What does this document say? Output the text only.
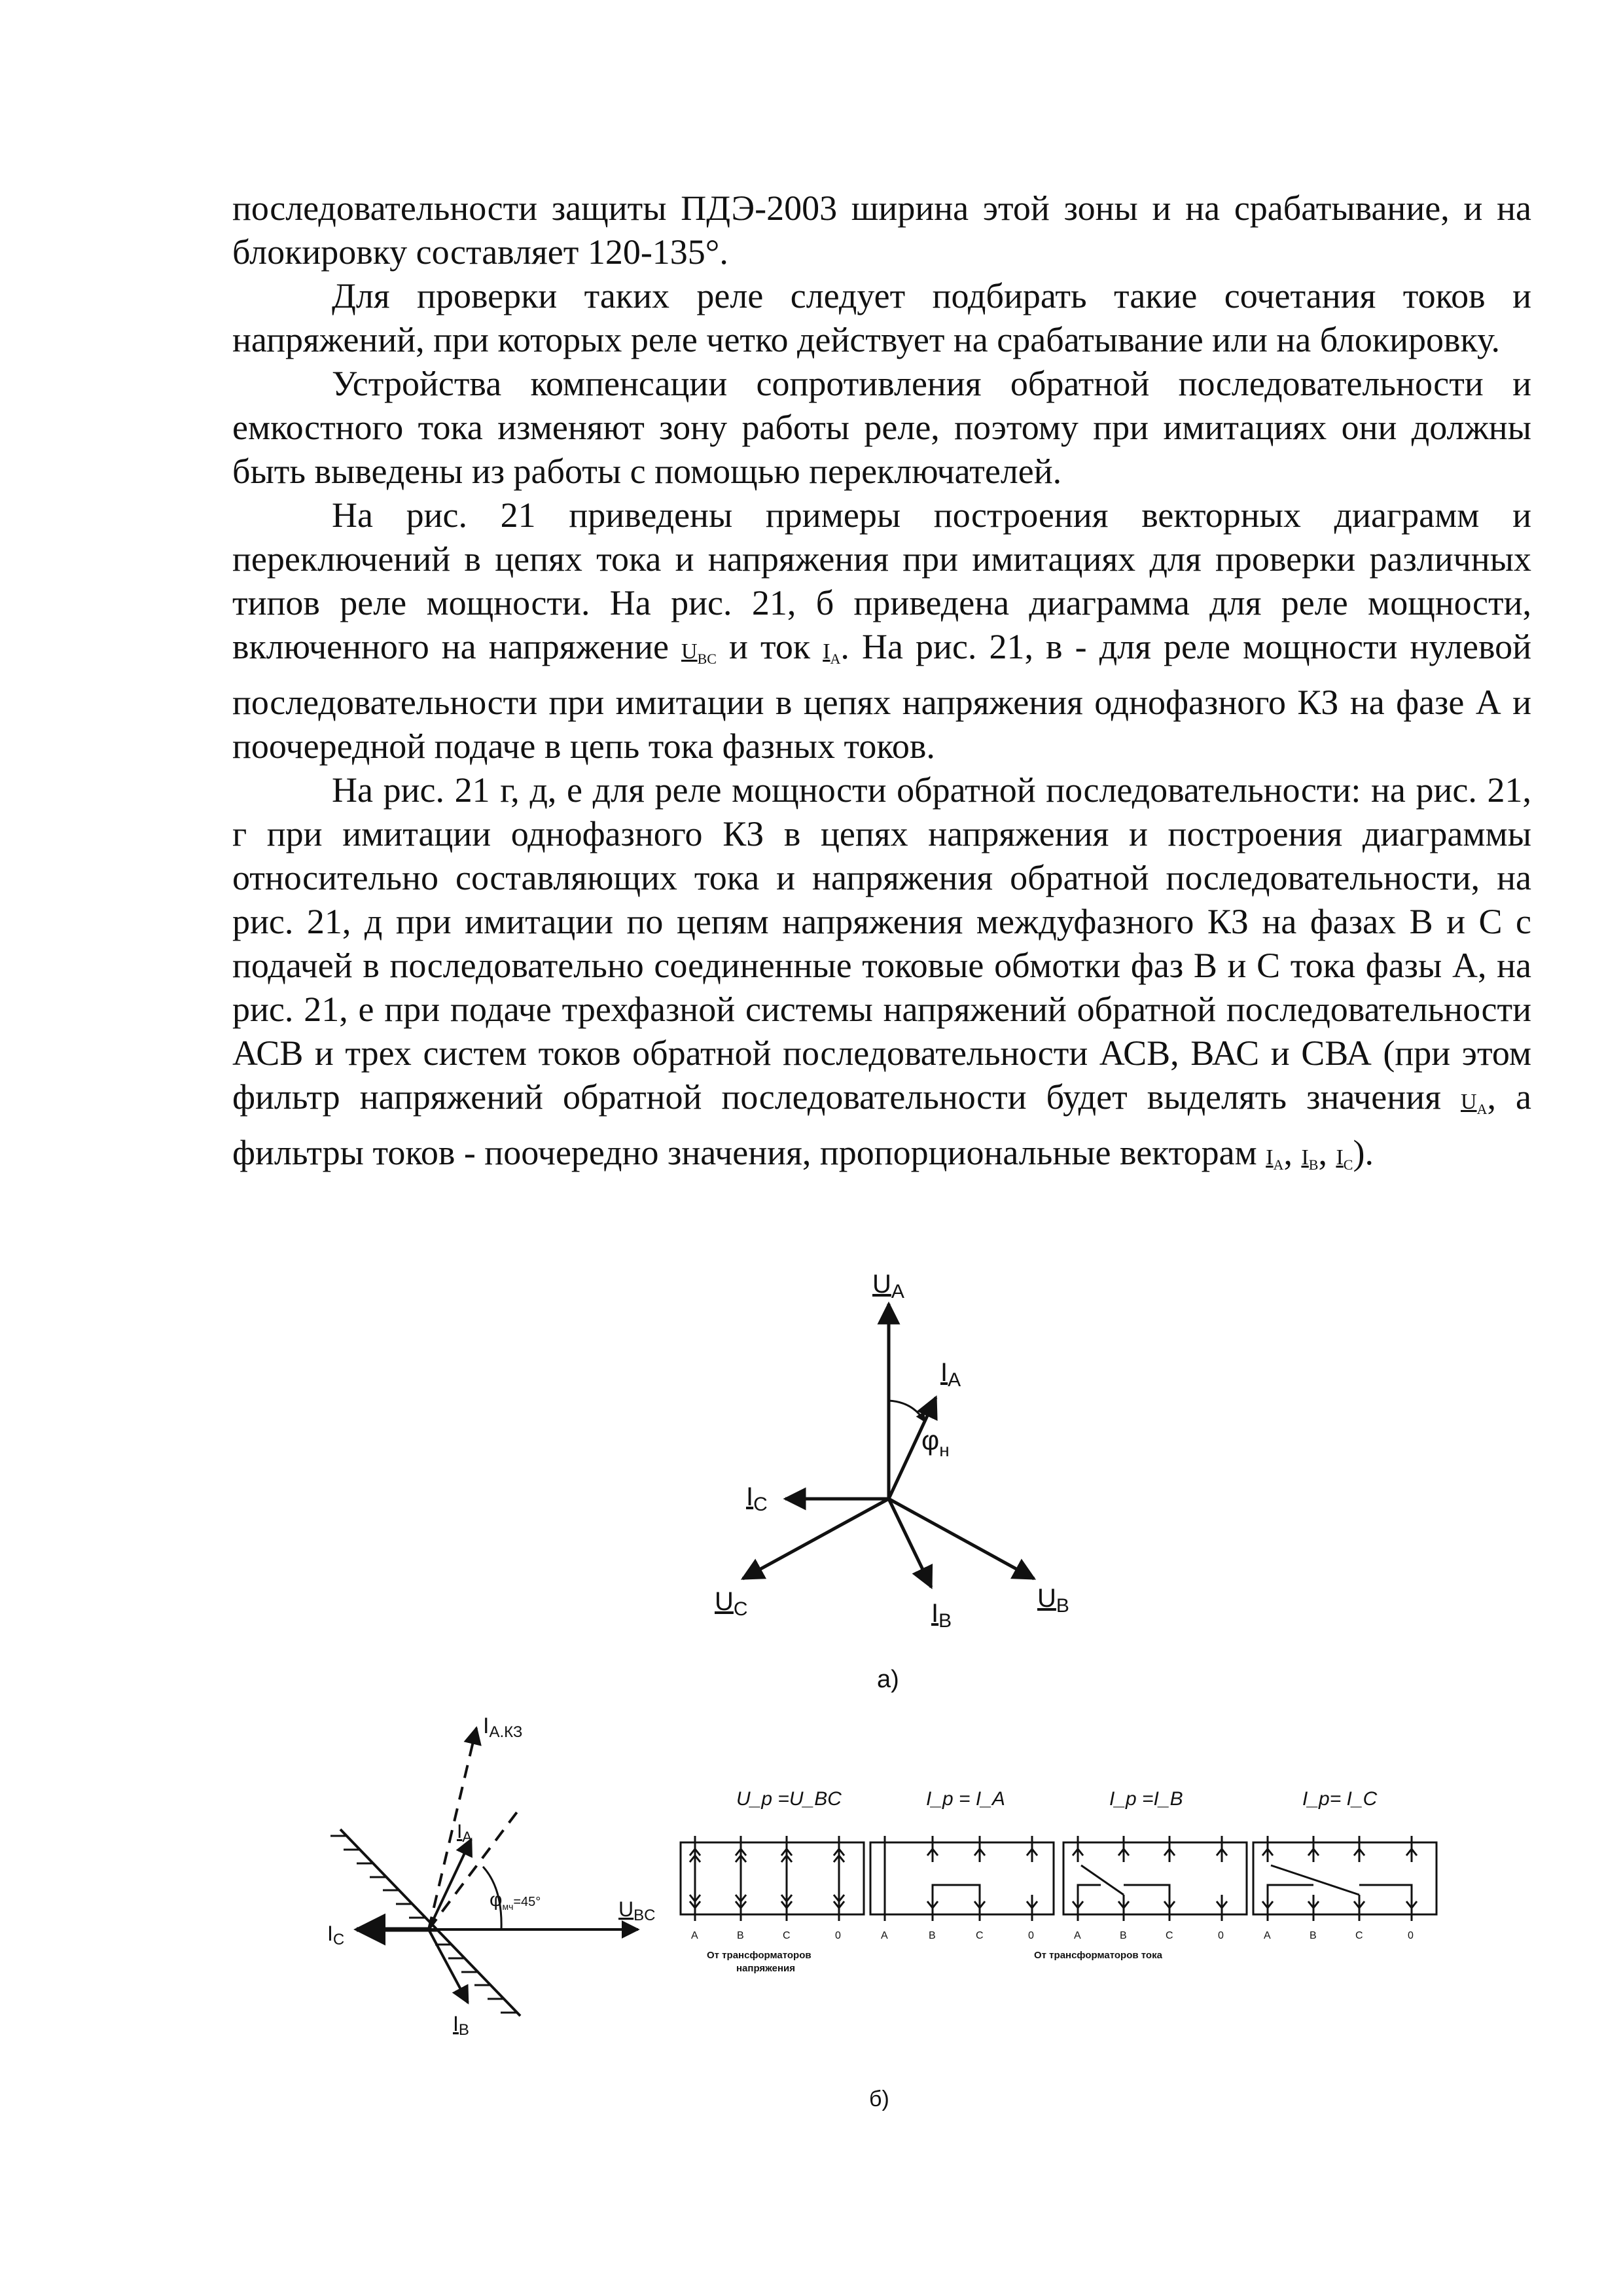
последовательности защиты ПДЭ-2003 ширина этой зоны и на срабатывание, и на блокировку составляет 120-135°.

Для проверки таких реле следует подбирать такие сочетания токов и напряжений, при которых реле четко действует на срабатывание или на блокировку.

Устройства компенсации сопротивления обратной последовательности и емкостного тока изменяют зону работы реле, поэтому при имитациях они должны быть выведены из работы с помощью переключателей.

На рис. 21 приведены примеры построения векторных диаграмм и переключений в цепях тока и напряжения при имитациях для проверки различных типов реле мощности. На рис. 21, б приведена диаграмма для реле мощности, включенного на напряжение $U_{BC}$ и ток $I_A$. На рис. 21, в - для реле мощности нулевой последовательности при имитации в цепях напряжения однофазного КЗ на фазе А и поочередной подаче в цепь тока фазных токов.

На рис. 21 г, д, е для реле мощности обратной последовательности: на рис. 21, г при имитации однофазного КЗ в цепях напряжения и построения диаграммы относительно составляющих тока и напряжения обратной последовательности, на рис. 21, д при имитации по цепям напряжения междуфазного КЗ на фазах В и С с подачей в последовательно соединенные токовые обмотки фаз В и С тока фазы А, на рис. 21, е при подаче трехфазной системы напряжений обратной последовательности АСВ и трех систем токов обратной последовательности АСВ, ВАС и СВА (при этом фильтр напряжений обратной последовательности будет выделять значения $U_A$, а фильтры токов - поочередно значения, пропорциональные векторам $I_A$, $I_B$, $I_C$).

$U_A$
$I_A$
$\varphi_н$
$I_C$
$U_C$	$I_B$
$U_B$
а)
IА.КЗ
$I_A$
$\varphi_{мч}^{=45^\circ}$	UBC
IC
IB
U_p =U_BC	I_p = I_A	I_p =I_B	I_p= I_C
A	B	C	0	A	B	C	0	A	B	C	0	A	B	C	0
От трансформаторов
напряжения
От трансформаторов тока
б)
